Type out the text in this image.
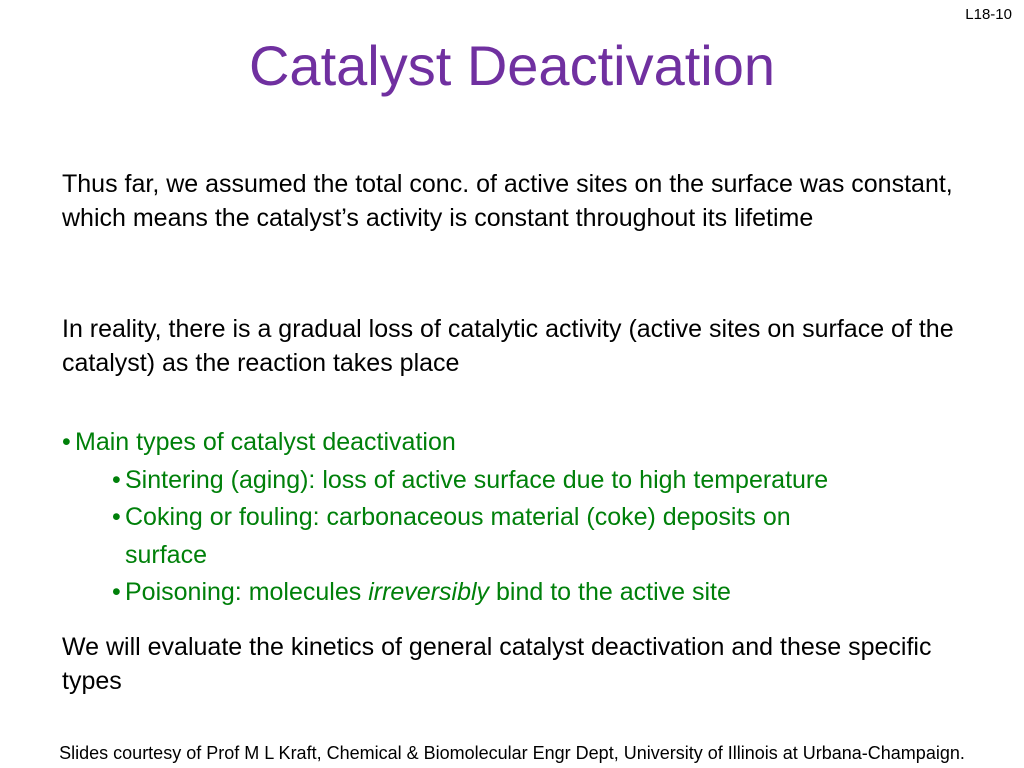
L18-10
Catalyst Deactivation

Thus far, we assumed the total conc. of active sites on the surface was constant, which means the catalyst’s activity is constant throughout its lifetime

In reality, there is a gradual loss of catalytic activity (active sites on surface of the catalyst) as the reaction takes place

• Main types of catalyst deactivation
• Sintering (aging): loss of active surface due to high temperature
• Coking or fouling: carbonaceous material (coke) deposits on
surface
• Poisoning: molecules irreversibly bind to the active site

We will evaluate the kinetics of general catalyst deactivation and these specific types

Slides courtesy of Prof M L Kraft, Chemical & Biomolecular Engr Dept, University of Illinois at Urbana-Champaign.
